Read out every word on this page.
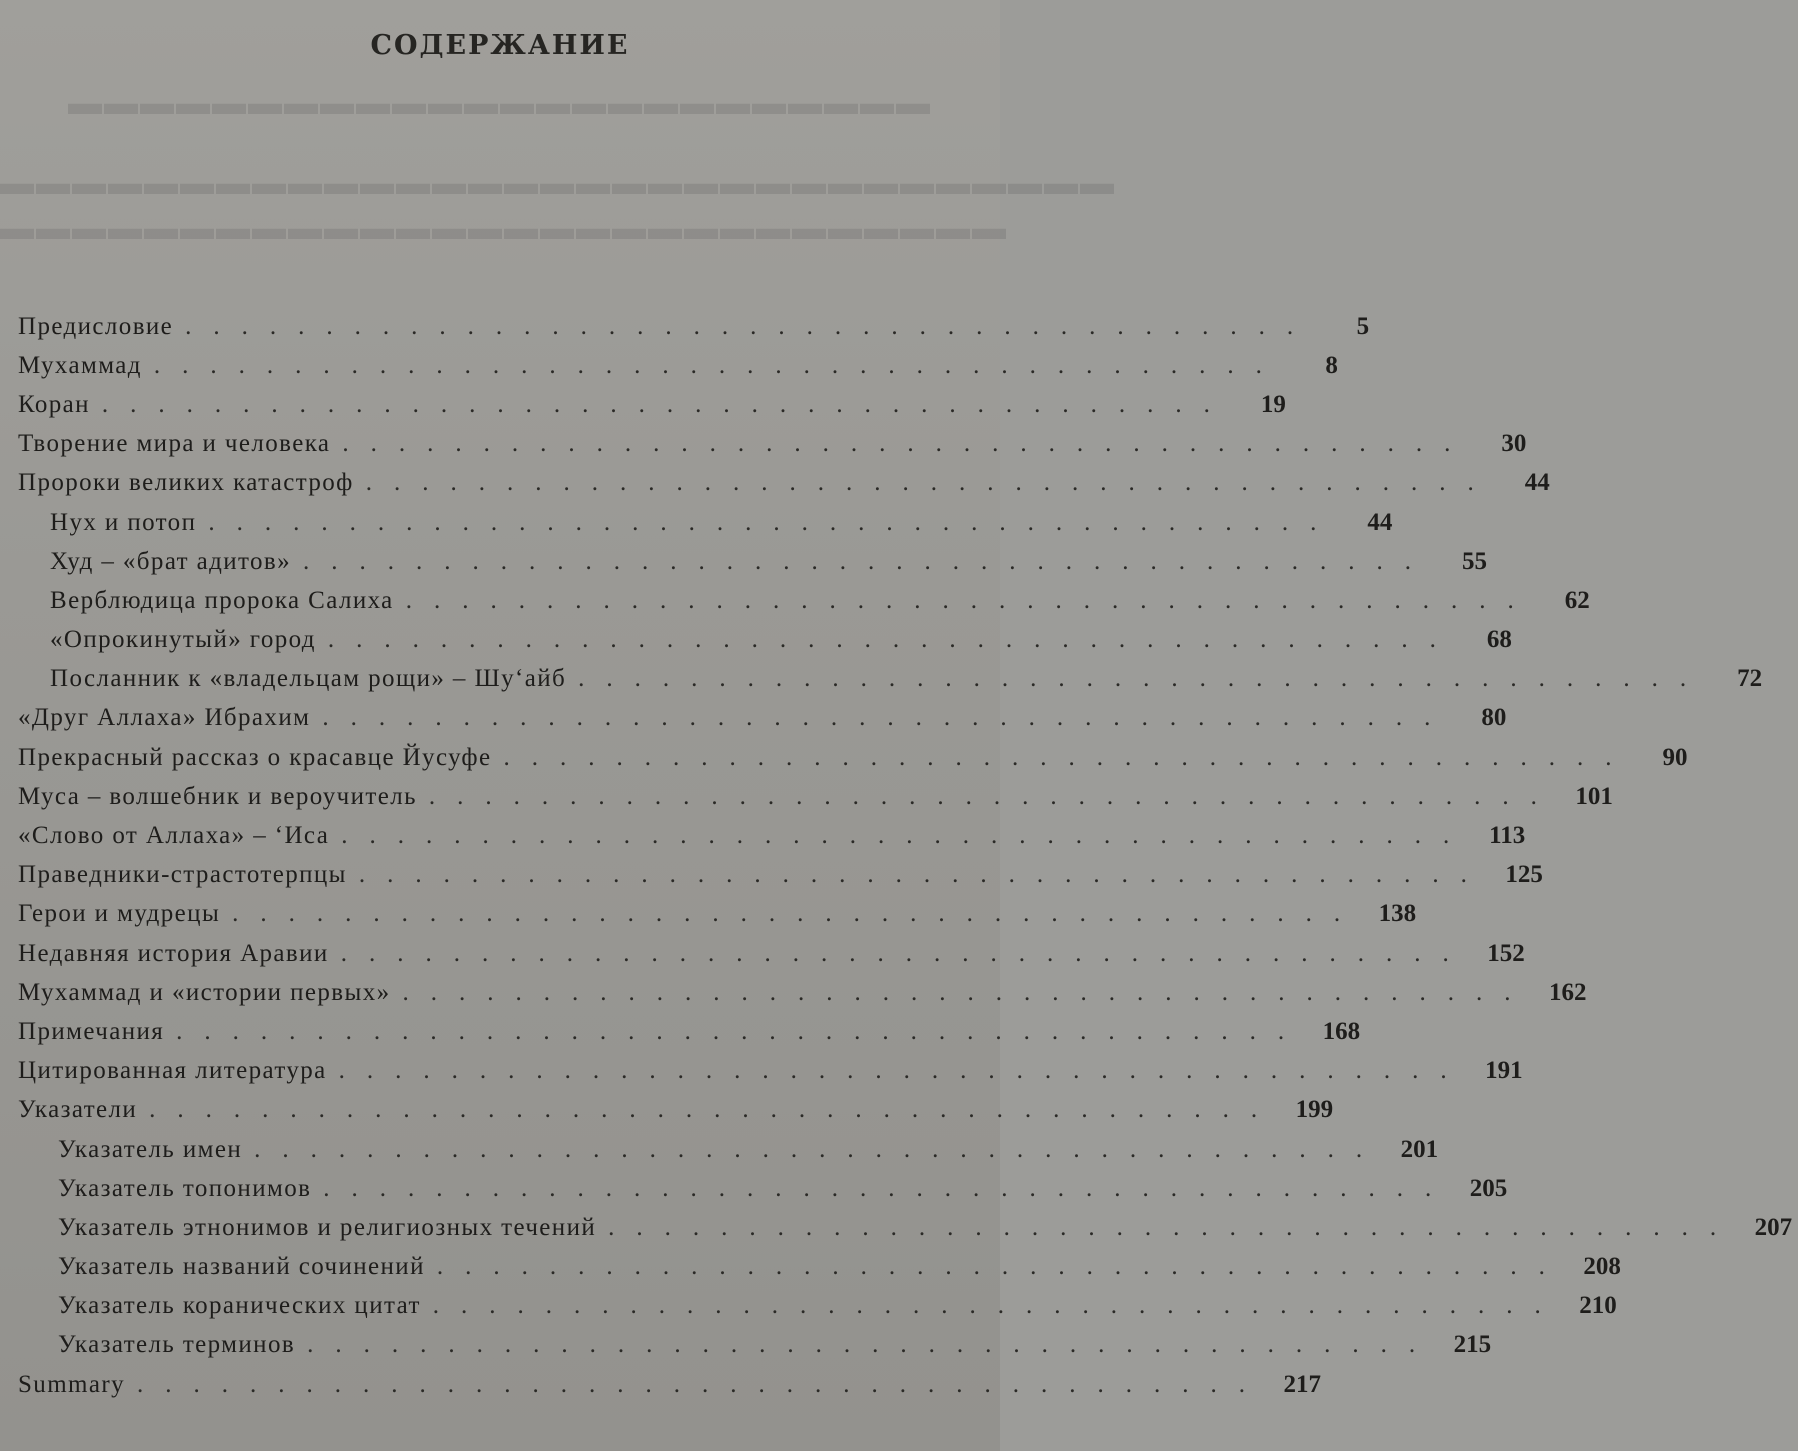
▬▬▬▬▬▬▬▬▬▬▬▬▬▬▬▬▬▬▬▬▬▬▬▬
▬▬▬▬▬▬▬▬▬▬▬▬▬▬▬▬▬▬▬▬▬▬▬▬▬▬▬▬▬▬▬
▬▬▬▬▬▬▬▬▬▬▬▬▬▬▬▬▬▬▬▬▬▬▬▬▬▬▬▬
СОДЕРЖАНИЕ
Предисловие ........................................	5
Мухаммад ........................................	8
Коран ........................................	19
Творение мира и человека ........................................	30
Пророки великих катастроф ........................................	44
Нух и потоп ........................................	44
Худ – «брат адитов» ........................................	55
Верблюдица пророка Салиха ........................................	62
«Опрокинутый» город ........................................	68
Посланник к «владельцам рощи» – Шу‘айб ........................................	72
«Друг Аллаха» Ибрахим ........................................	80
Прекрасный рассказ о красавце Йусуфе ........................................	90
Муса – волшебник и вероучитель ........................................ 101
«Слово от Аллаха» – ‘Иса ........................................ 113
Праведники-страстотерпцы ........................................ 125
Герои и мудрецы ........................................ 138
Недавняя история Аравии ........................................ 152
Мухаммад и «истории первых» ........................................ 162
Примечания ........................................ 168
Цитированная литература ........................................ 191
Указатели ........................................ 199
Указатель имен ........................................ 201
Указатель топонимов ........................................ 205
Указатель этнонимов и религиозных течений ........................................ 207
Указатель названий сочинений ........................................ 208
Указатель коранических цитат ........................................ 210
Указатель терминов ........................................ 215
Summary ........................................ 217
